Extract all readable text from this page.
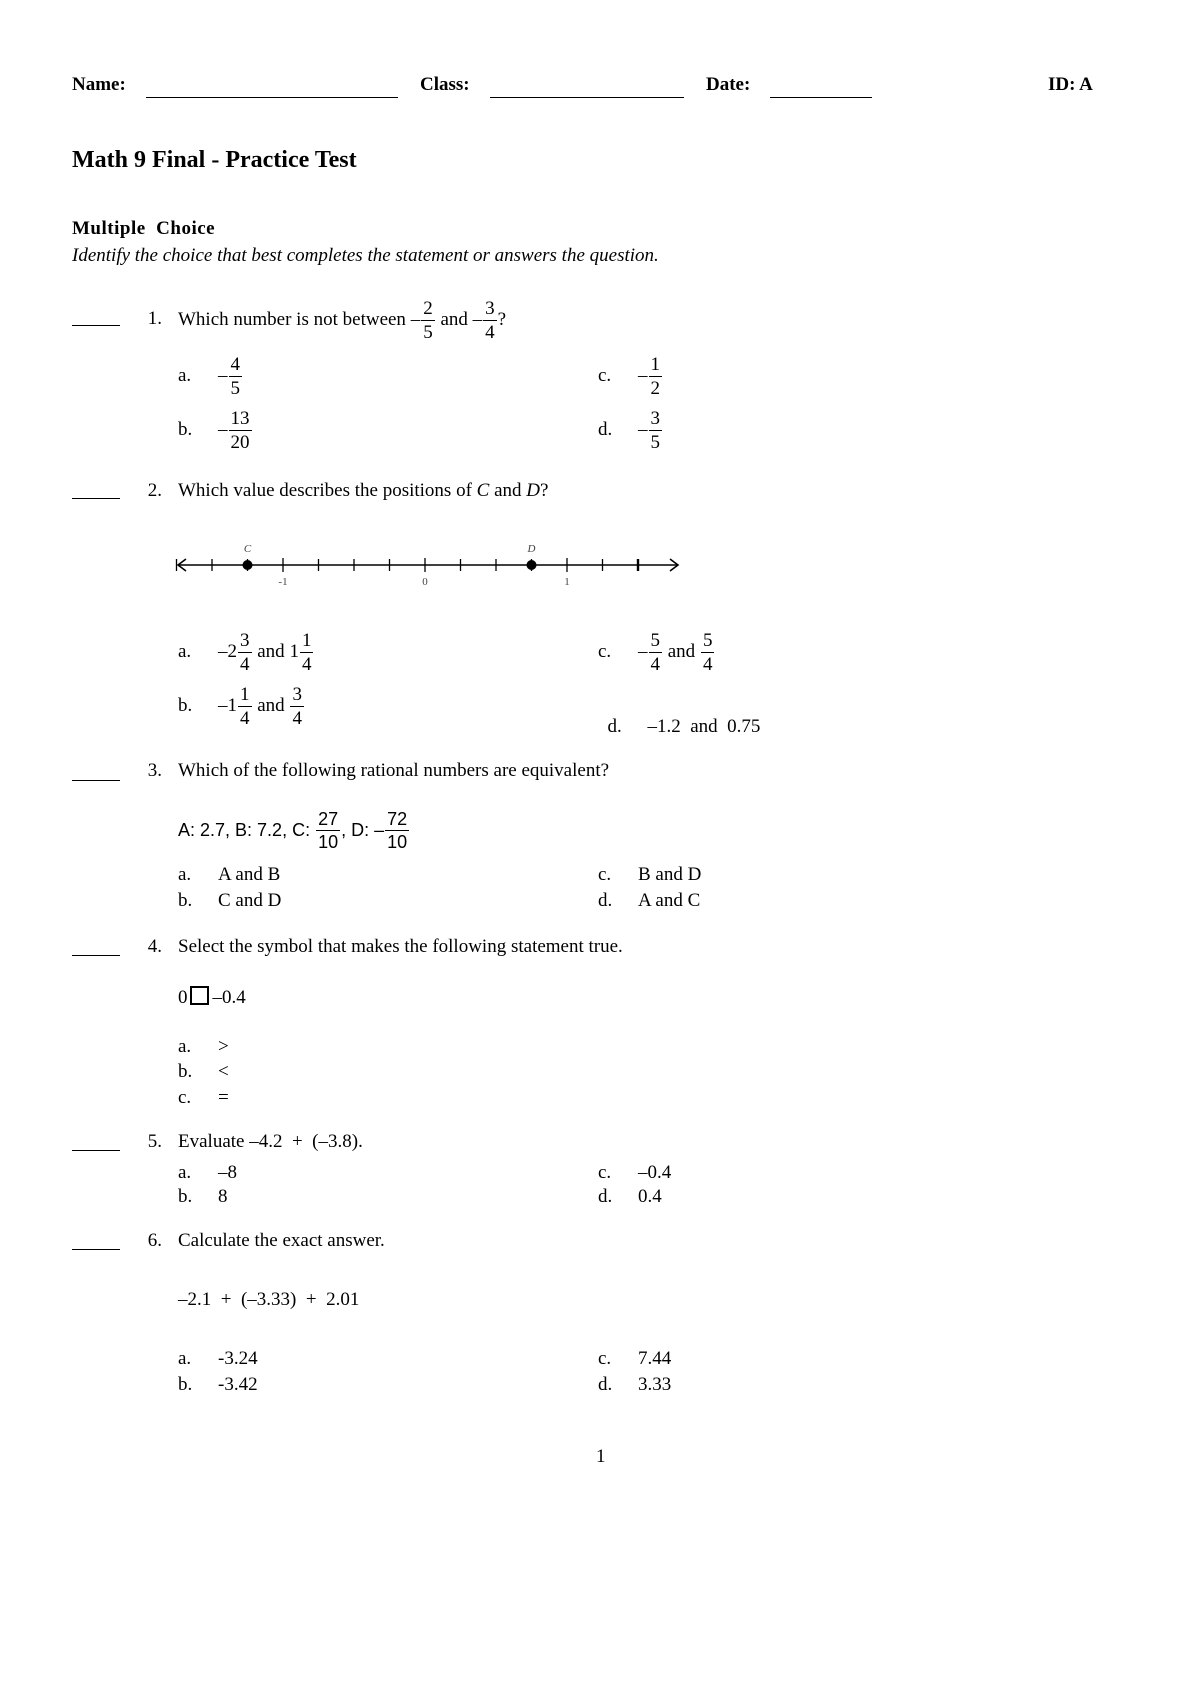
Name:	Class:	Date:	ID: A
Math 9 Final - Practice Test
Multiple  Choice
Identify the choice that best completes the statement or answers the question.
1. Which number is not between
– $\frac{2}{5}$
and
– $\frac{3}{4}$ ?
a.	– $\frac{4}{5}$
b.	– $\frac{13}{20}$
c.	– $\frac{1}{2}$
d.	– $\frac{3}{5}$
2. Which value describes the positions of C and D?
-1	0	1
C	D
a.	$-2 \frac{3}{4}$
and
$1 \frac{1}{4}$
b.	$-1 \frac{1}{4}$
and
$\frac{3}{4}$
c.	– $\frac{5}{4}$
and
$\frac{5}{4}$

d. –1.2  and  0.75

3. Which of the following rational numbers are equivalent?
A: 2.7, B: 7.2, C:
$\frac{27}{10}$ , D: – $\frac{72}{10}$
a. A and B
b. C and D
c. B and D
d. A and C
4. Select the symbol that makes the following statement true.
0 –0.4
a. >
b. <
c. =
5. Evaluate –4.2  +  (–3.8).
a. –8
b. 8
c. –0.4
d. 0.4
6. Calculate the exact answer.
–2.1  +  (–3.33)  +  2.01
a. -3.24
b. -3.42
c. 7.44
d. 3.33
1
